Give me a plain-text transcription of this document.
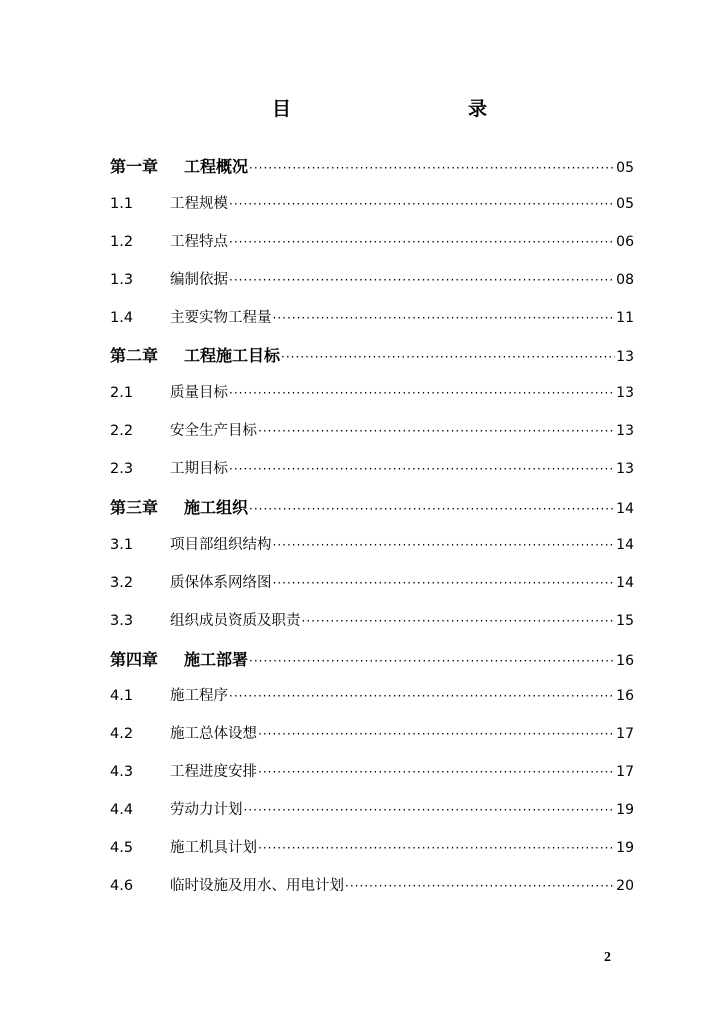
目	录
第一章	工程概况 ·····	05
1.1	工程规模 ·····	05
1.2	工程特点 ·····	06
1.3	编制依据 ·····	08
1.4	主要实物工程量 ·····	11
第二章	工程施工目标 ·····	13
2.1	质量目标 ·····	13
2.2	安全生产目标 ·····	13
2.3	工期目标 ·····	13
第三章	施工组织 ·····	14
3.1	项目部组织结构 ·····	14
3.2	质保体系网络图 ·····	14
3.3	组织成员资质及职责 ·····	15
第四章	施工部署 ·····	16
4.1	施工程序 ·····	16
4.2	施工总体设想 ·····	17
4.3	工程进度安排 ·····	17
4.4	劳动力计划 ·····	19
4.5	施工机具计划 ·····	19
4.6	临时设施及用水、用电计划 ·····	20
2
